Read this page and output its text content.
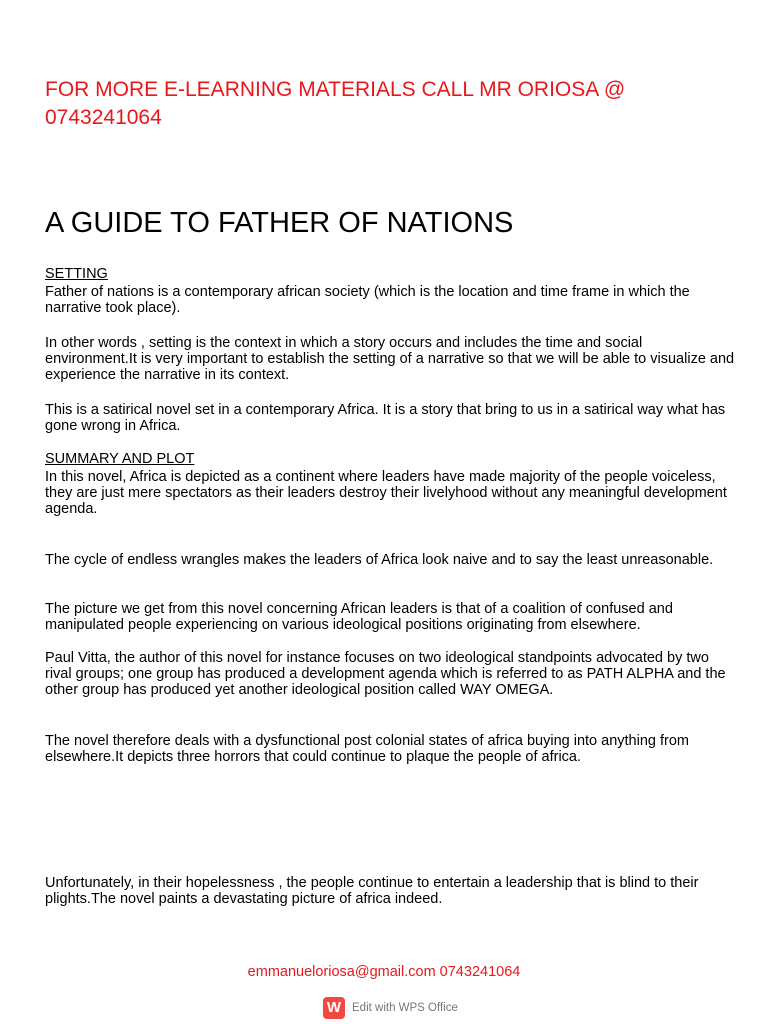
FOR MORE E-LEARNING MATERIALS CALL MR ORIOSA @ 0743241064

A GUIDE TO FATHER OF NATIONS
SETTING

Father of nations is a contemporary african society (which is the location and time frame in which the narrative took place).

In other words , setting is the context in which a story occurs and includes the time and social environment.It is very important to establish the setting of a narrative so that we will be able to visualize and experience the narrative in its context.

This is a satirical novel set in a contemporary Africa. It is a story that bring to us in a satirical way what has gone wrong in Africa.

SUMMARY AND PLOT

In this novel, Africa is depicted as a continent where leaders have made majority of the people voiceless, they are just mere spectators as their leaders destroy their livelyhood without any meaningful development agenda.

The cycle of endless wrangles makes the leaders of Africa look naive and to say the least unreasonable.

The picture we get from this novel concerning African leaders is that of a coalition of confused and manipulated people experiencing on various ideological positions originating from elsewhere.

Paul Vitta, the author of this novel for instance focuses on two ideological standpoints advocated by two rival groups; one group has produced a development agenda which is referred to as PATH ALPHA and the other group has produced yet another ideological position called WAY OMEGA.

The novel therefore deals with a dysfunctional post colonial states of africa buying into anything from elsewhere.It depicts three horrors that could continue to plaque the people of africa.

Unfortunately, in their hopelessness , the people continue to entertain a leadership that is blind to their plights.The novel paints a devastating picture of africa indeed.

emmanueloriosa@gmail.com 0743241064
W Edit with WPS Office
